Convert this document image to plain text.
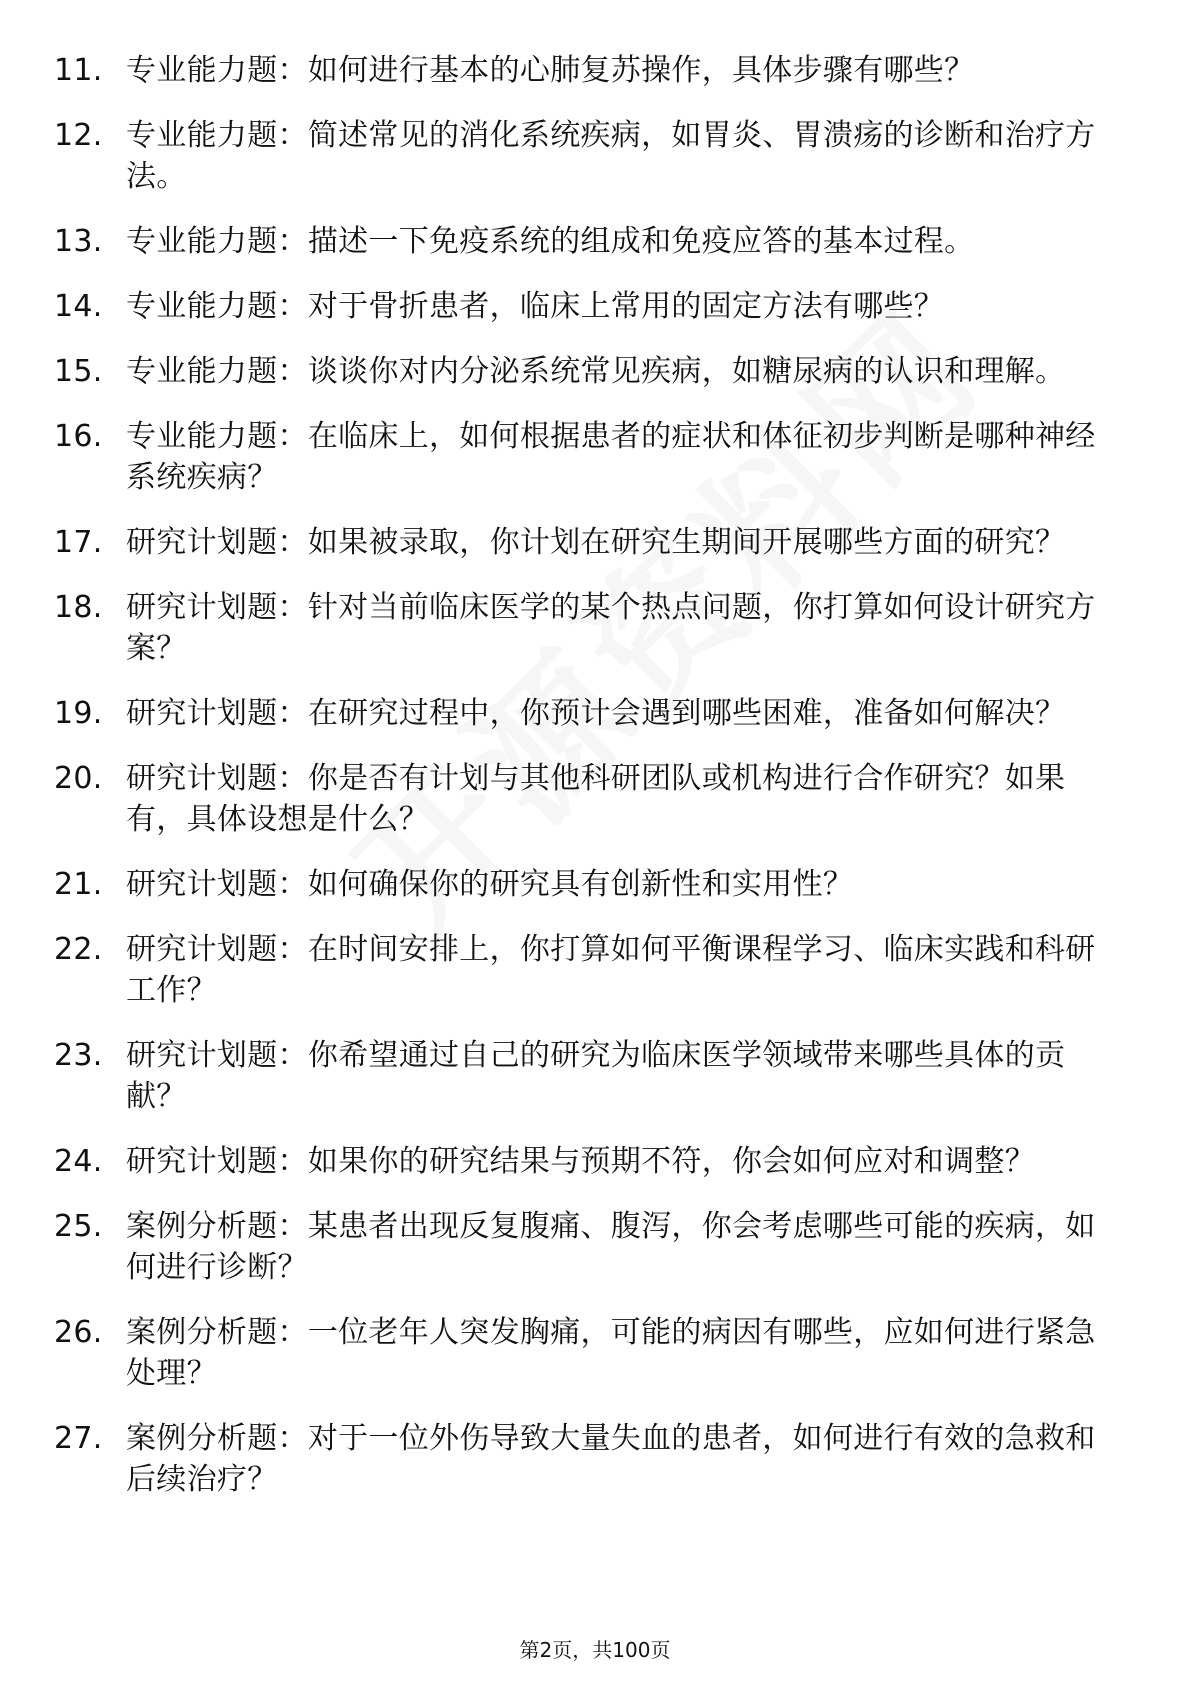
11. 专业能力题：如何进行基本的心肺复苏操作，具体步骤有哪些？
12. 专业能力题：简述常见的消化系统疾病，如胃炎、胃溃疡的诊断和治疗方法。
13. 专业能力题：描述一下免疫系统的组成和免疫应答的基本过程。
14. 专业能力题：对于骨折患者，临床上常用的固定方法有哪些？
15. 专业能力题：谈谈你对内分泌系统常见疾病，如糖尿病的认识和理解。
16. 专业能力题：在临床上，如何根据患者的症状和体征初步判断是哪种神经系统疾病？
17. 研究计划题：如果被录取，你计划在研究生期间开展哪些方面的研究？
18. 研究计划题：针对当前临床医学的某个热点问题，你打算如何设计研究方案？
19. 研究计划题：在研究过程中，你预计会遇到哪些困难，准备如何解决？
20. 研究计划题：你是否有计划与其他科研团队或机构进行合作研究？如果有，具体设想是什么？
21. 研究计划题：如何确保你的研究具有创新性和实用性？
22. 研究计划题：在时间安排上，你打算如何平衡课程学习、临床实践和科研工作？
23. 研究计划题：你希望通过自己的研究为临床医学领域带来哪些具体的贡献？
24. 研究计划题：如果你的研究结果与预期不符，你会如何应对和调整？
25. 案例分析题：某患者出现反复腹痛、腹泻，你会考虑哪些可能的疾病，如何进行诊断？
26. 案例分析题：一位老年人突发胸痛，可能的病因有哪些，应如何进行紧急处理？
27. 案例分析题：对于一位外伤导致大量失血的患者，如何进行有效的急救和后续治疗？
第2页，共100页
